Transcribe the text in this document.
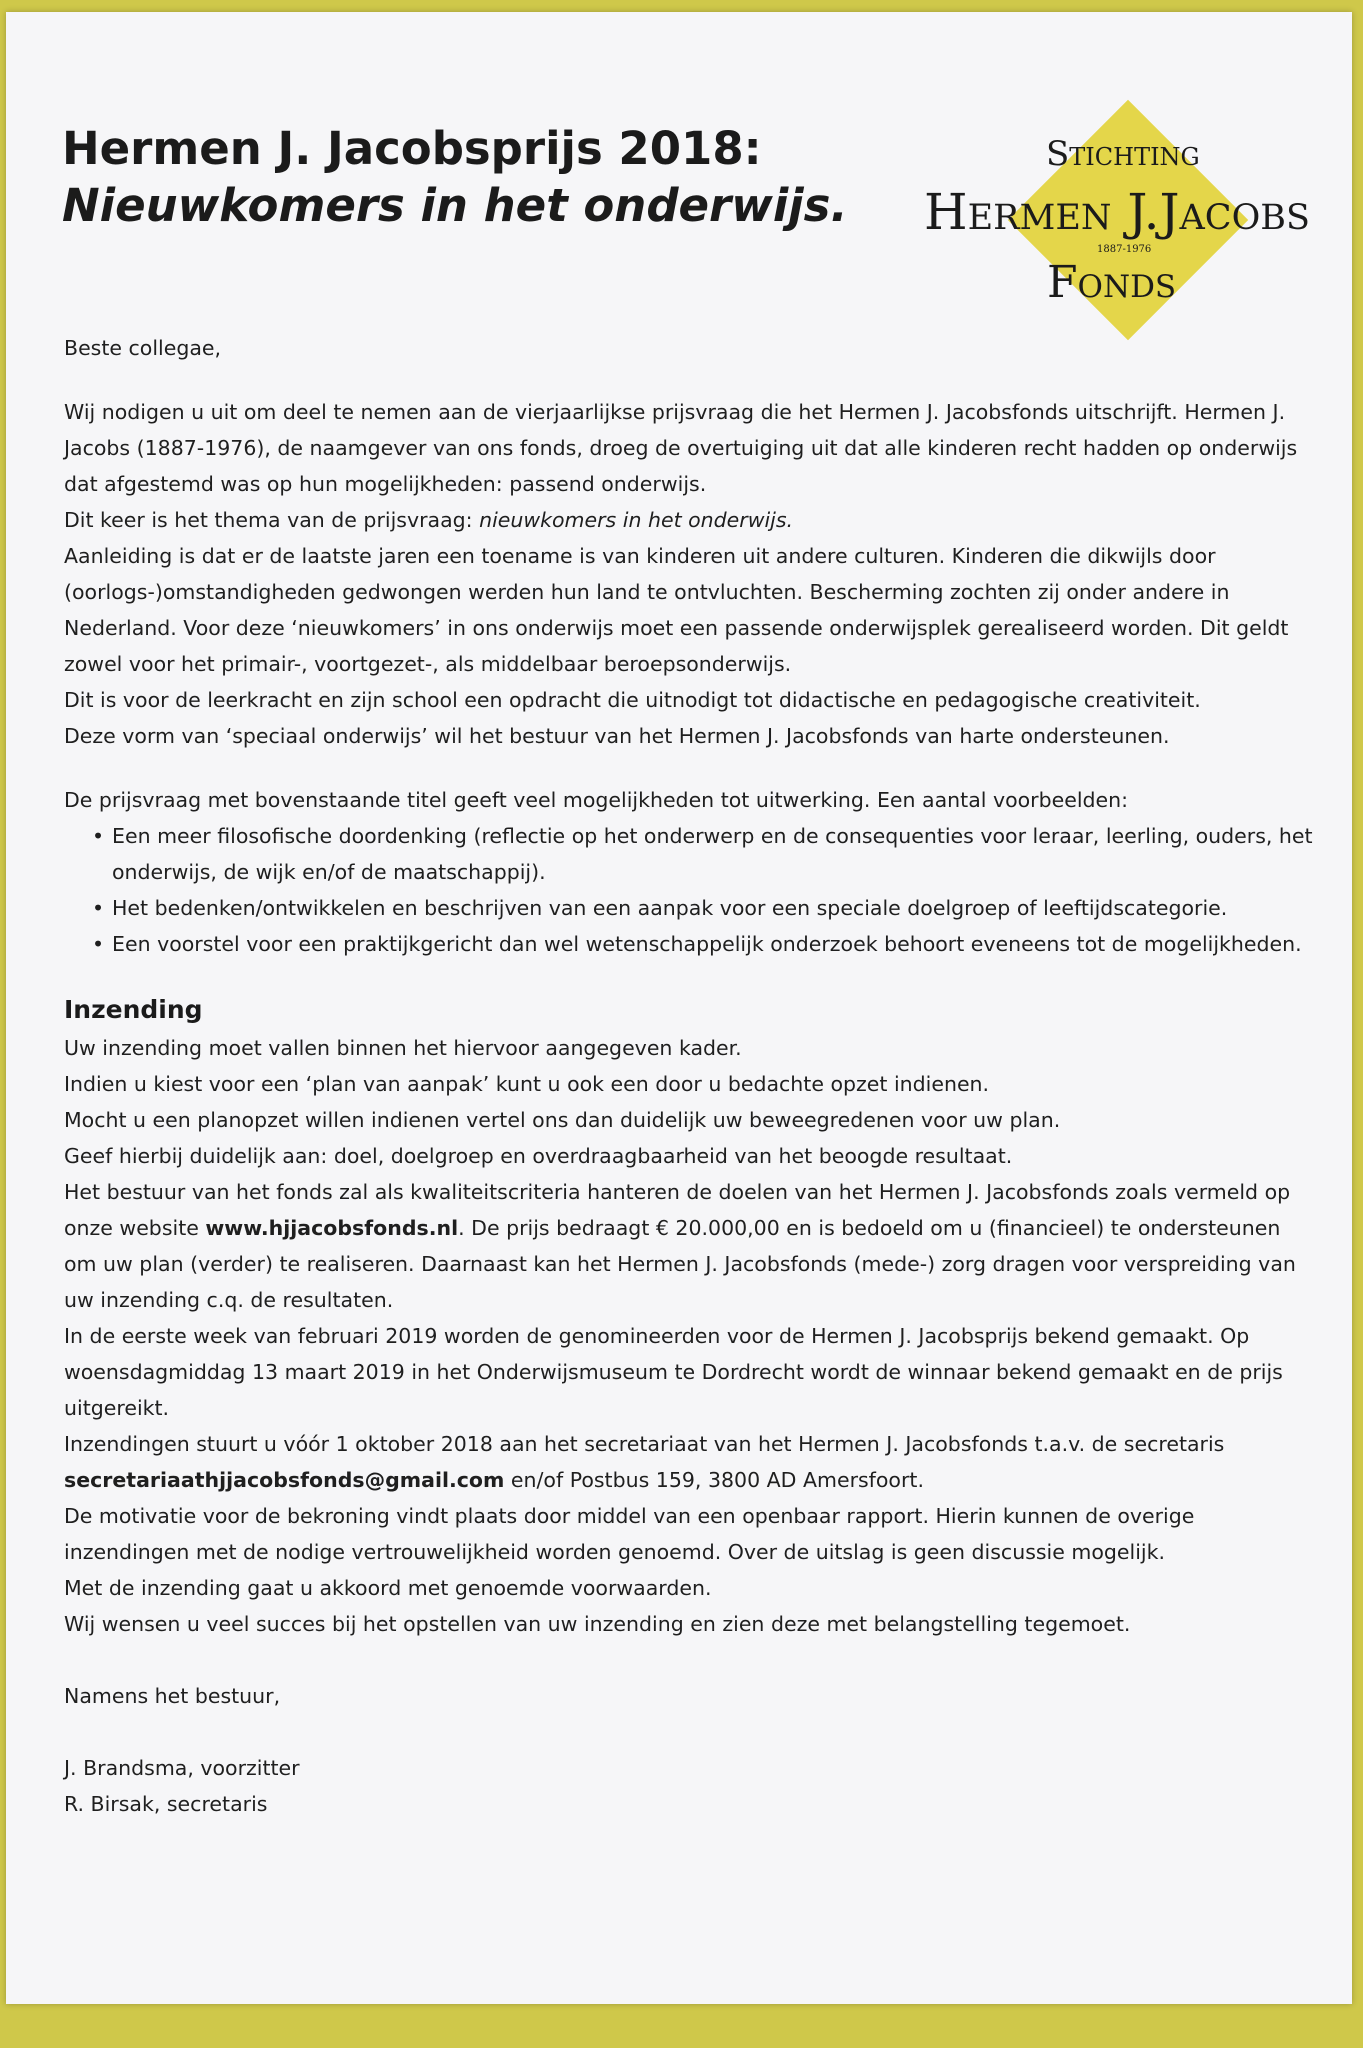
Hermen J. Jacobsprijs 2018:
Nieuwkomers in het onderwijs.
Stichting
Hermen J.Jacobs
1887-1976
Fonds

Beste collegae,

Wij nodigen u uit om deel te nemen aan de vierjaarlijkse prijsvraag die het Hermen J. Jacobsfonds uitschrijft. Hermen J. Jacobs (1887-1976), de naamgever van ons fonds, droeg de overtuiging uit dat alle kinderen recht hadden op onderwijs dat afgestemd was op hun mogelijkheden: passend onderwijs.

Dit keer is het thema van de prijsvraag: nieuwkomers in het onderwijs.

Aanleiding is dat er de laatste jaren een toename is van kinderen uit andere culturen. Kinderen die dikwijls door (oorlogs-)omstandigheden gedwongen werden hun land te ontvluchten. Bescherming zochten zij onder andere in Nederland. Voor deze ‘nieuwkomers’ in ons onderwijs moet een passende onderwijsplek gerealiseerd worden. Dit geldt zowel voor het primair-, voortgezet-, als middelbaar beroepsonderwijs.

Dit is voor de leerkracht en zijn school een opdracht die uitnodigt tot didactische en pedagogische creativiteit.

Deze vorm van ‘speciaal onderwijs’ wil het bestuur van het Hermen J. Jacobsfonds van harte ondersteunen.

De prijsvraag met bovenstaande titel geeft veel mogelijkheden tot uitwerking. Een aantal voorbeelden:

• Een meer filosofische doordenking (reflectie op het onderwerp en de consequenties voor leraar, leerling, ouders, het onderwijs, de wijk en/of de maatschappij).
• Het bedenken/ontwikkelen en beschrijven van een aanpak voor een speciale doelgroep of leeftijdscategorie.
• Een voorstel voor een praktijkgericht dan wel wetenschappelijk onderzoek behoort eveneens tot de mogelijkheden.
Inzending

Uw inzending moet vallen binnen het hiervoor aangegeven kader.

Indien u kiest voor een ‘plan van aanpak’ kunt u ook een door u bedachte opzet indienen.

Mocht u een planopzet willen indienen vertel ons dan duidelijk uw beweegredenen voor uw plan.

Geef hierbij duidelijk aan: doel, doelgroep en overdraagbaarheid van het beoogde resultaat.

Het bestuur van het fonds zal als kwaliteitscriteria hanteren de doelen van het Hermen J. Jacobsfonds zoals vermeld op onze website www.hjjacobsfonds.nl. De prijs bedraagt € 20.000,00 en is bedoeld om u (financieel) te ondersteunen om uw plan (verder) te realiseren. Daarnaast kan het Hermen J. Jacobsfonds (mede-) zorg dragen voor verspreiding van uw inzending c.q. de resultaten.

In de eerste week van februari 2019 worden de genomineerden voor de Hermen J. Jacobsprijs bekend gemaakt. Op woensdagmiddag 13 maart 2019 in het Onderwijsmuseum te Dordrecht wordt de winnaar bekend gemaakt en de prijs uitgereikt.

Inzendingen stuurt u vóór 1 oktober 2018 aan het secretariaat van het Hermen J. Jacobsfonds t.a.v. de secretaris secretariaathjjacobsfonds@gmail.com en/of Postbus 159, 3800 AD Amersfoort.

De motivatie voor de bekroning vindt plaats door middel van een openbaar rapport. Hierin kunnen de overige inzendingen met de nodige vertrouwelijkheid worden genoemd. Over de uitslag is geen discussie mogelijk.

Met de inzending gaat u akkoord met genoemde voorwaarden.

Wij wensen u veel succes bij het opstellen van uw inzending en zien deze met belangstelling tegemoet.

Namens het bestuur,

J. Brandsma, voorzitter

R. Birsak, secretaris
